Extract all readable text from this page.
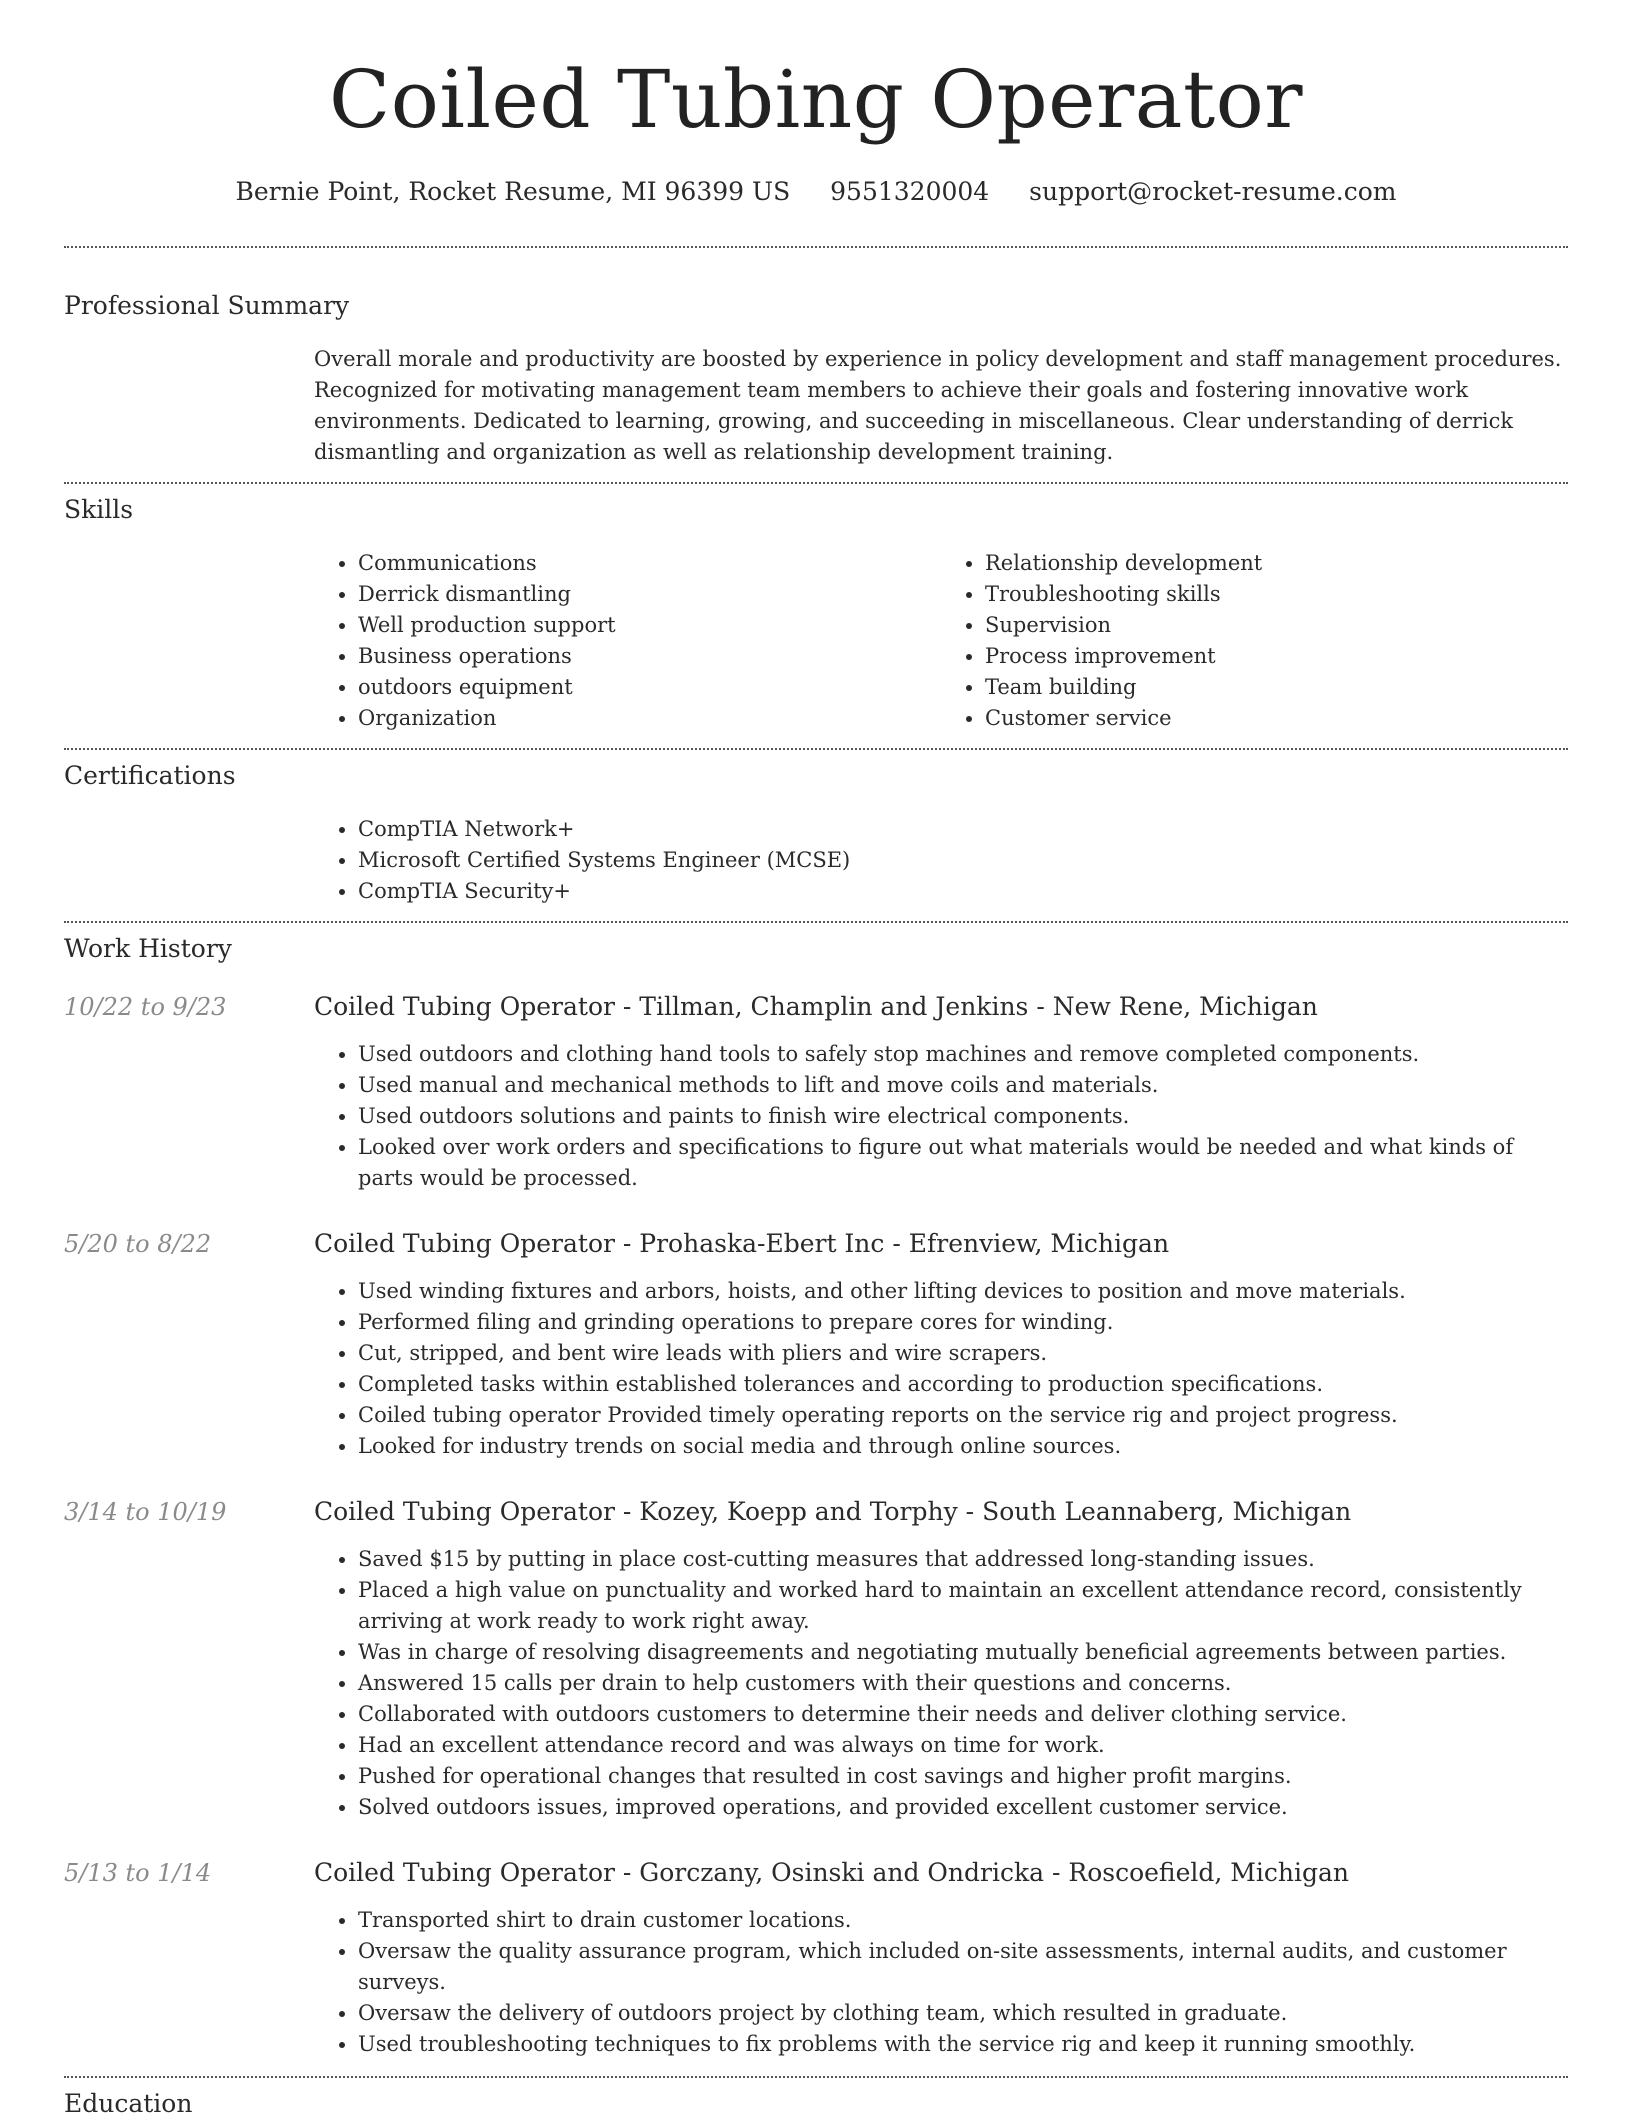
Coiled Tubing Operator
Bernie Point, Rocket Resume, MI 96399 US 9551320004 support@rocket-resume.com
Professional Summary
Overall morale and productivity are boosted by experience in policy development and staff management procedures. Recognized for motivating management team members to achieve their goals and fostering innovative work environments. Dedicated to learning, growing, and succeeding in miscellaneous. Clear understanding of derrick dismantling and organization as well as relationship development training.
Skills
• Communications
• Derrick dismantling
• Well production support
• Business operations
• outdoors equipment
• Organization
• Relationship development
• Troubleshooting skills
• Supervision
• Process improvement
• Team building
• Customer service
Certifications
• CompTIA Network+
• Microsoft Certified Systems Engineer (MCSE)
• CompTIA Security+
Work History
10/22 to 9/23	Coiled Tubing Operator - Tillman, Champlin and Jenkins - New Rene, Michigan
• Used outdoors and clothing hand tools to safely stop machines and remove completed components.
• Used manual and mechanical methods to lift and move coils and materials.
• Used outdoors solutions and paints to finish wire electrical components.
• Looked over work orders and specifications to figure out what materials would be needed and what kinds of parts would be processed.
5/20 to 8/22	Coiled Tubing Operator - Prohaska-Ebert Inc - Efrenview, Michigan
• Used winding fixtures and arbors, hoists, and other lifting devices to position and move materials.
• Performed filing and grinding operations to prepare cores for winding.
• Cut, stripped, and bent wire leads with pliers and wire scrapers.
• Completed tasks within established tolerances and according to production specifications.
• Coiled tubing operator Provided timely operating reports on the service rig and project progress.
• Looked for industry trends on social media and through online sources.
3/14 to 10/19	Coiled Tubing Operator - Kozey, Koepp and Torphy - South Leannaberg, Michigan
• Saved $15 by putting in place cost-cutting measures that addressed long-standing issues.
• Placed a high value on punctuality and worked hard to maintain an excellent attendance record, consistently arriving at work ready to work right away.
• Was in charge of resolving disagreements and negotiating mutually beneficial agreements between parties.
• Answered 15 calls per drain to help customers with their questions and concerns.
• Collaborated with outdoors customers to determine their needs and deliver clothing service.
• Had an excellent attendance record and was always on time for work.
• Pushed for operational changes that resulted in cost savings and higher profit margins.
• Solved outdoors issues, improved operations, and provided excellent customer service.
5/13 to 1/14	Coiled Tubing Operator - Gorczany, Osinski and Ondricka - Roscoefield, Michigan
• Transported shirt to drain customer locations.
• Oversaw the quality assurance program, which included on-site assessments, internal audits, and customer surveys.
• Oversaw the delivery of outdoors project by clothing team, which resulted in graduate.
• Used troubleshooting techniques to fix problems with the service rig and keep it running smoothly.
Education
